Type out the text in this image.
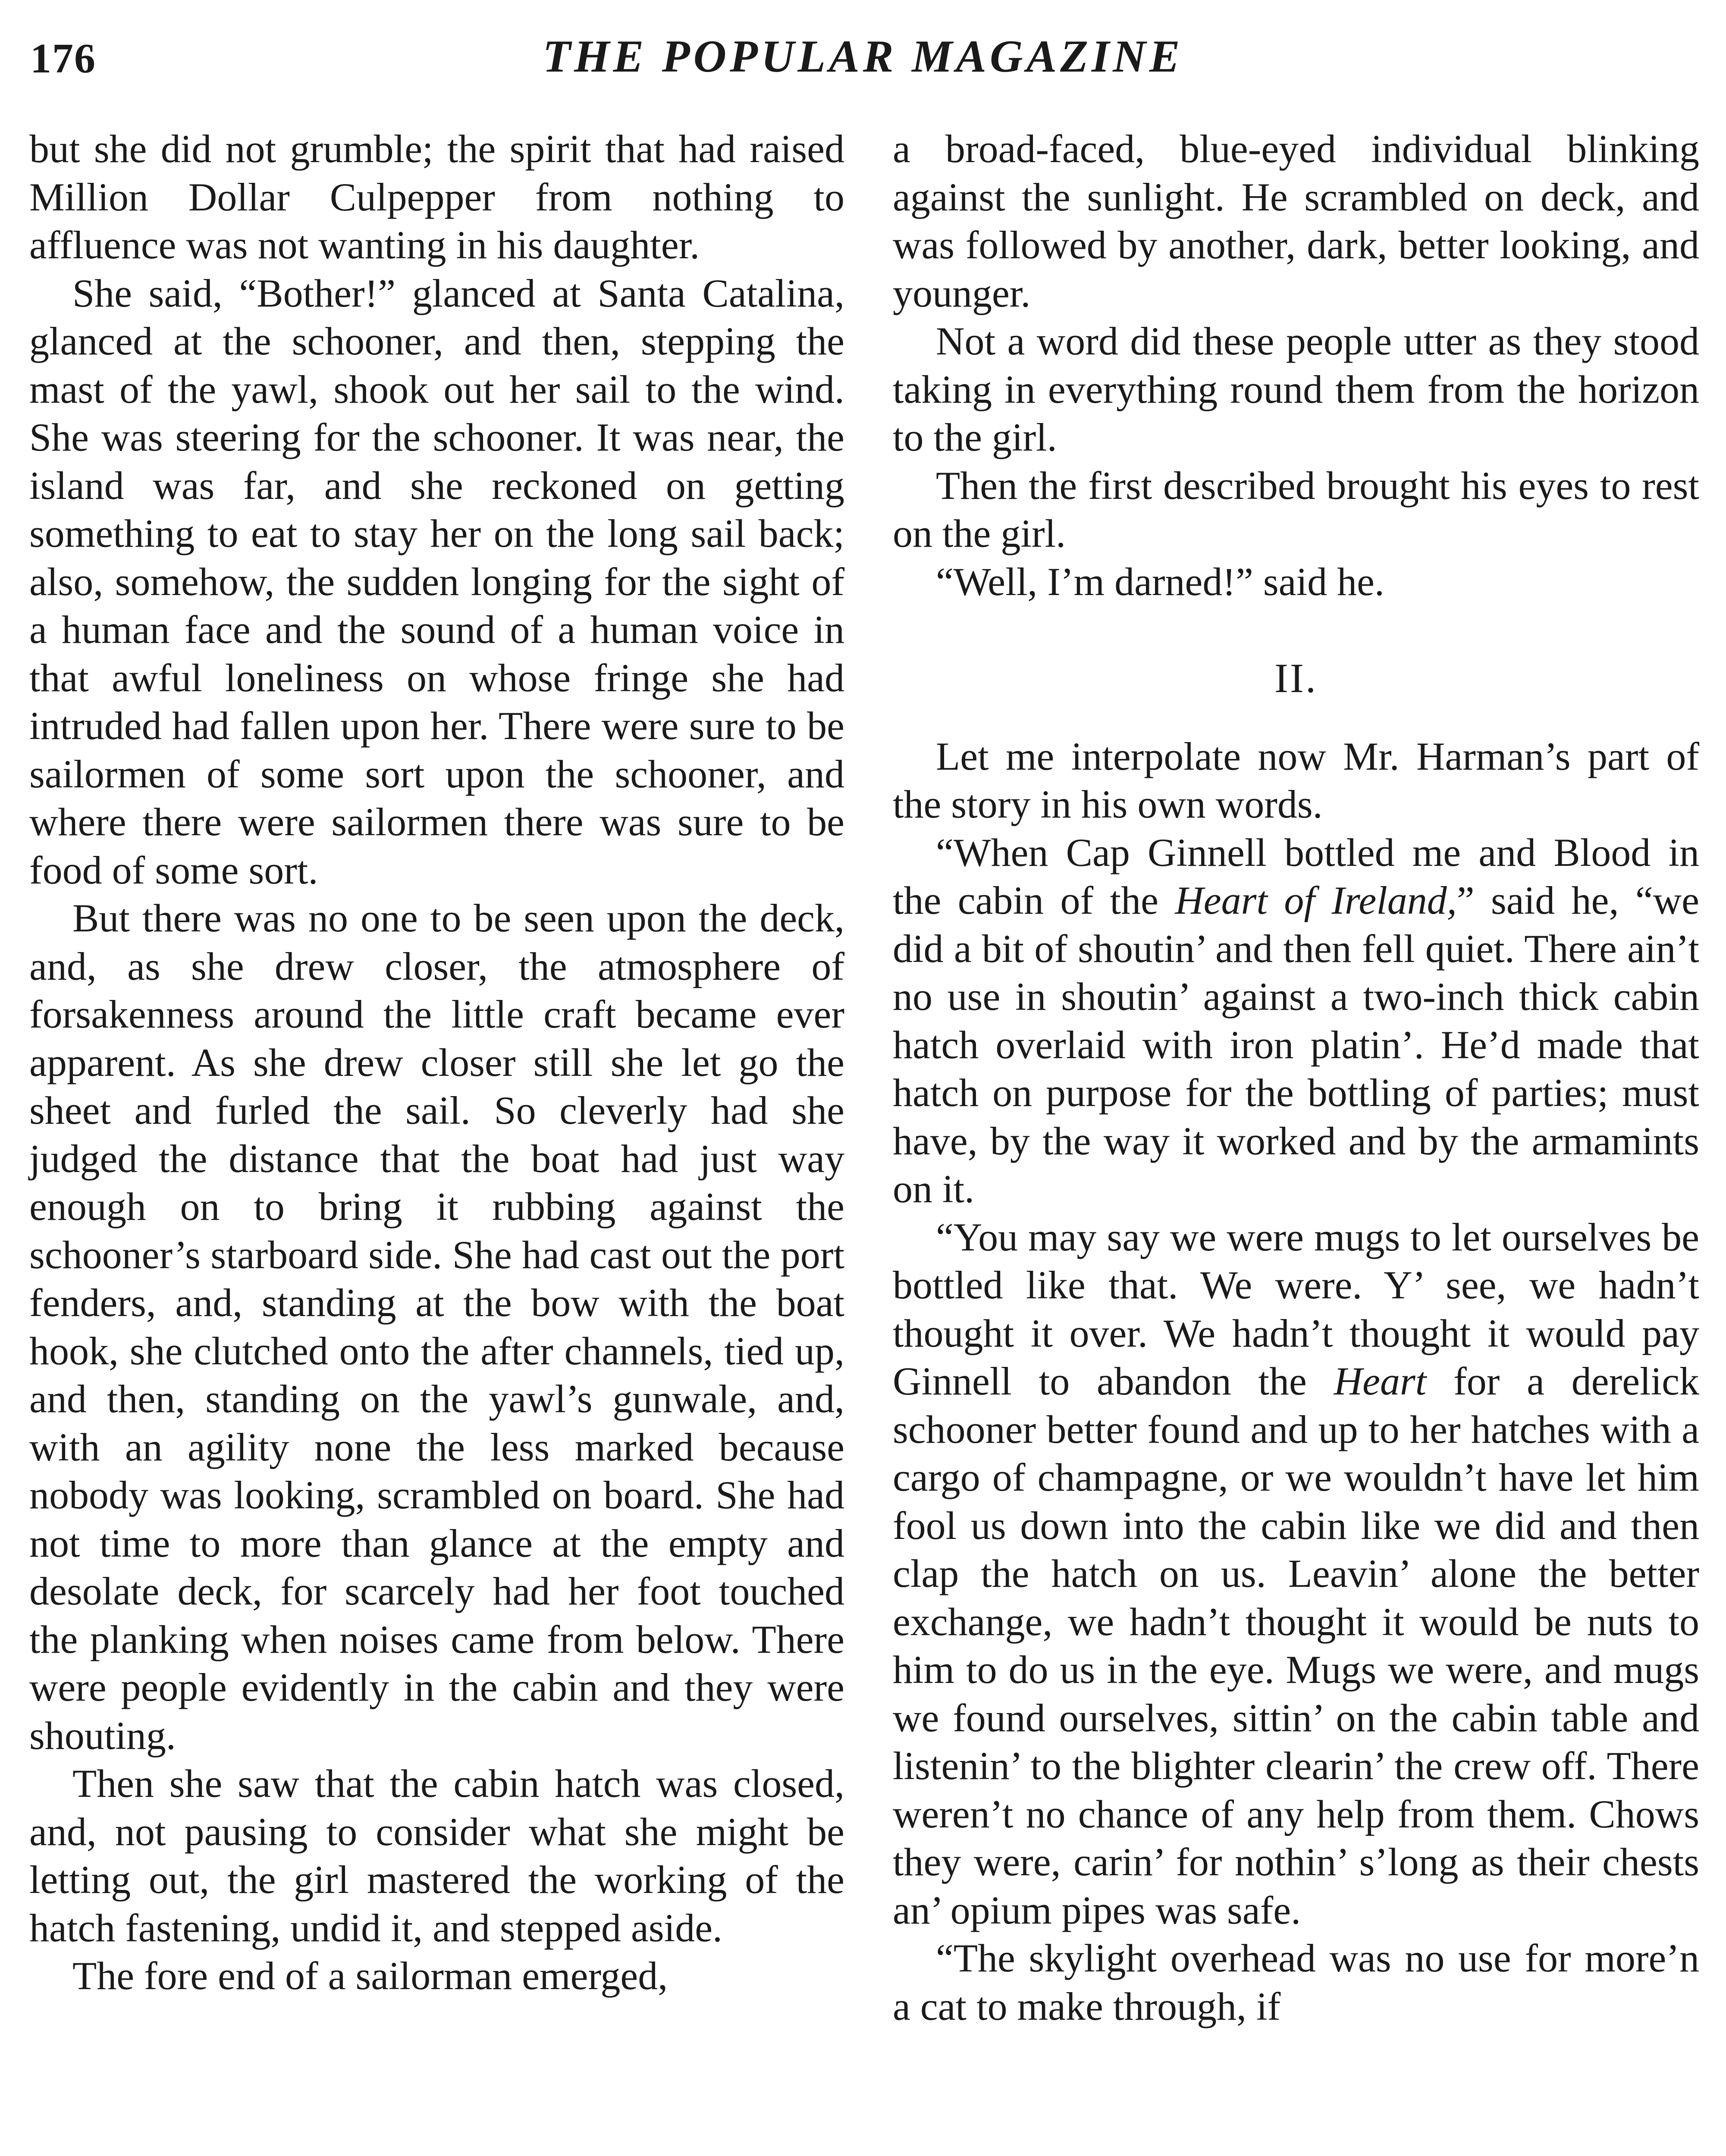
176	THE POPULAR MAGAZINE

but she did not grumble; the spirit that had raised Million Dollar Culpepper from nothing to affluence was not wanting in his daughter.

She said, “Bother!” glanced at Santa Catalina, glanced at the schooner, and then, stepping the mast of the yawl, shook out her sail to the wind. She was steering for the schooner. It was near, the island was far, and she reckoned on getting something to eat to stay her on the long sail back; also, somehow, the sudden longing for the sight of a human face and the sound of a human voice in that awful loneliness on whose fringe she had intruded had fallen upon her. There were sure to be sailormen of some sort upon the schooner, and where there were sailormen there was sure to be food of some sort.

But there was no one to be seen upon the deck, and, as she drew closer, the atmosphere of forsakenness around the little craft became ever apparent. As she drew closer still she let go the sheet and furled the sail. So cleverly had she judged the distance that the boat had just way enough on to bring it rubbing against the schooner’s starboard side. She had cast out the port fenders, and, standing at the bow with the boat hook, she clutched onto the after channels, tied up, and then, standing on the yawl’s gunwale, and, with an agility none the less marked because nobody was looking, scrambled on board. She had not time to more than glance at the empty and desolate deck, for scarcely had her foot touched the planking when noises came from below. There were people evidently in the cabin and they were shouting.

Then she saw that the cabin hatch was closed, and, not pausing to consider what she might be letting out, the girl mastered the working of the hatch fastening, undid it, and stepped aside.

The fore end of a sailorman emerged,

a broad-faced, blue-eyed individual blinking against the sunlight. He scrambled on deck, and was followed by another, dark, better looking, and younger.

Not a word did these people utter as they stood taking in everything round them from the horizon to the girl.

Then the first described brought his eyes to rest on the girl.

“Well, I’m darned!” said he.

II.

Let me interpolate now Mr. Harman’s part of the story in his own words.

“When Cap Ginnell bottled me and Blood in the cabin of the Heart of Ireland,” said he, “we did a bit of shoutin’ and then fell quiet. There ain’t no use in shoutin’ against a two-inch thick cabin hatch overlaid with iron platin’. He’d made that hatch on purpose for the bottling of parties; must have, by the way it worked and by the armamints on it.

“You may say we were mugs to let ourselves be bottled like that. We were. Y’ see, we hadn’t thought it over. We hadn’t thought it would pay Ginnell to abandon the Heart for a derelick schooner better found and up to her hatches with a cargo of champagne, or we wouldn’t have let him fool us down into the cabin like we did and then clap the hatch on us. Leavin’ alone the better exchange, we hadn’t thought it would be nuts to him to do us in the eye. Mugs we were, and mugs we found ourselves, sittin’ on the cabin table and listenin’ to the blighter clearin’ the crew off. There weren’t no chance of any help from them. Chows they were, carin’ for nothin’ s’long as their chests an’ opium pipes was safe.

“The skylight overhead was no use for more’n a cat to make through, if
